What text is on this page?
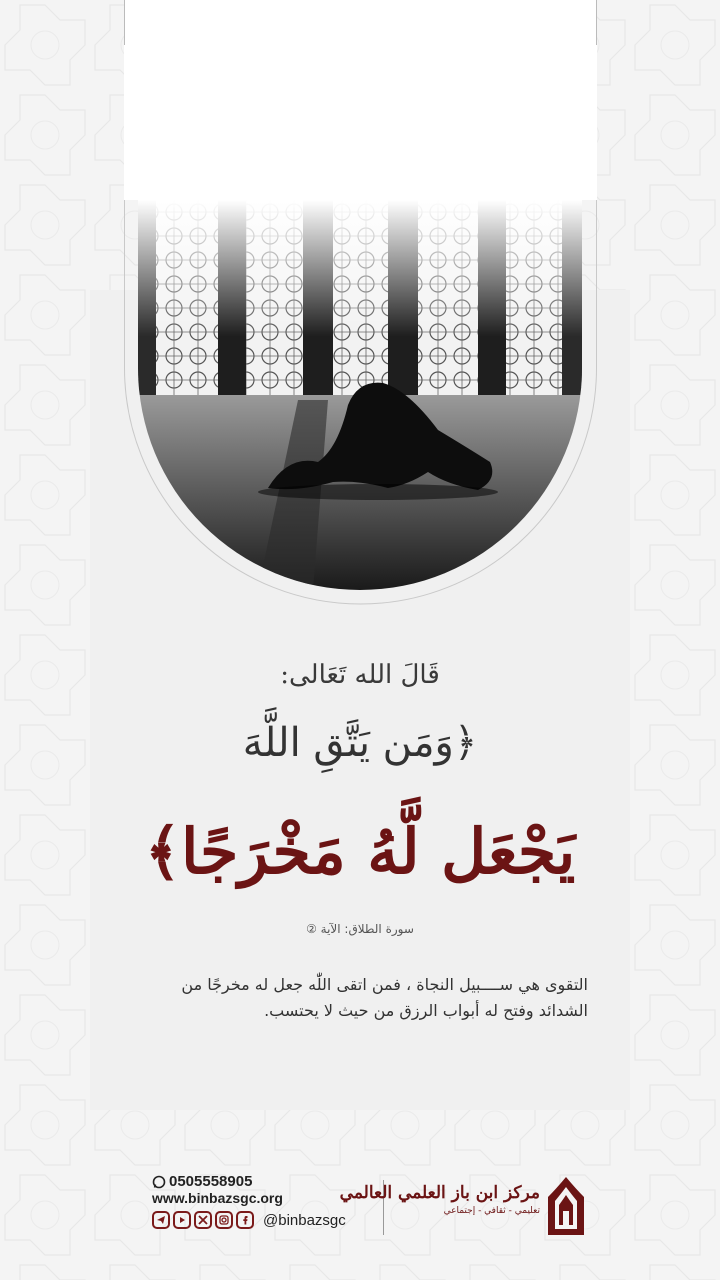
قَالَ الله تَعَالى:
﴿وَمَن يَتَّقِ اللَّهَ
يَجْعَل لَّهُ مَخْرَجًا﴾
سورة الطلاق: الآية ②
التقوى هي ســــبيل النجاة ، فمن اتقى اللّٰه جعل له مخرجًا من الشدائد وفتح له أبواب الرزق من حيث لا يحتسب.
0505558905
www.binbazsgc.org
@binbazsgc
مركز ابن باز العلمي العالمي
تعليمي - ثقافي - إجتماعي
